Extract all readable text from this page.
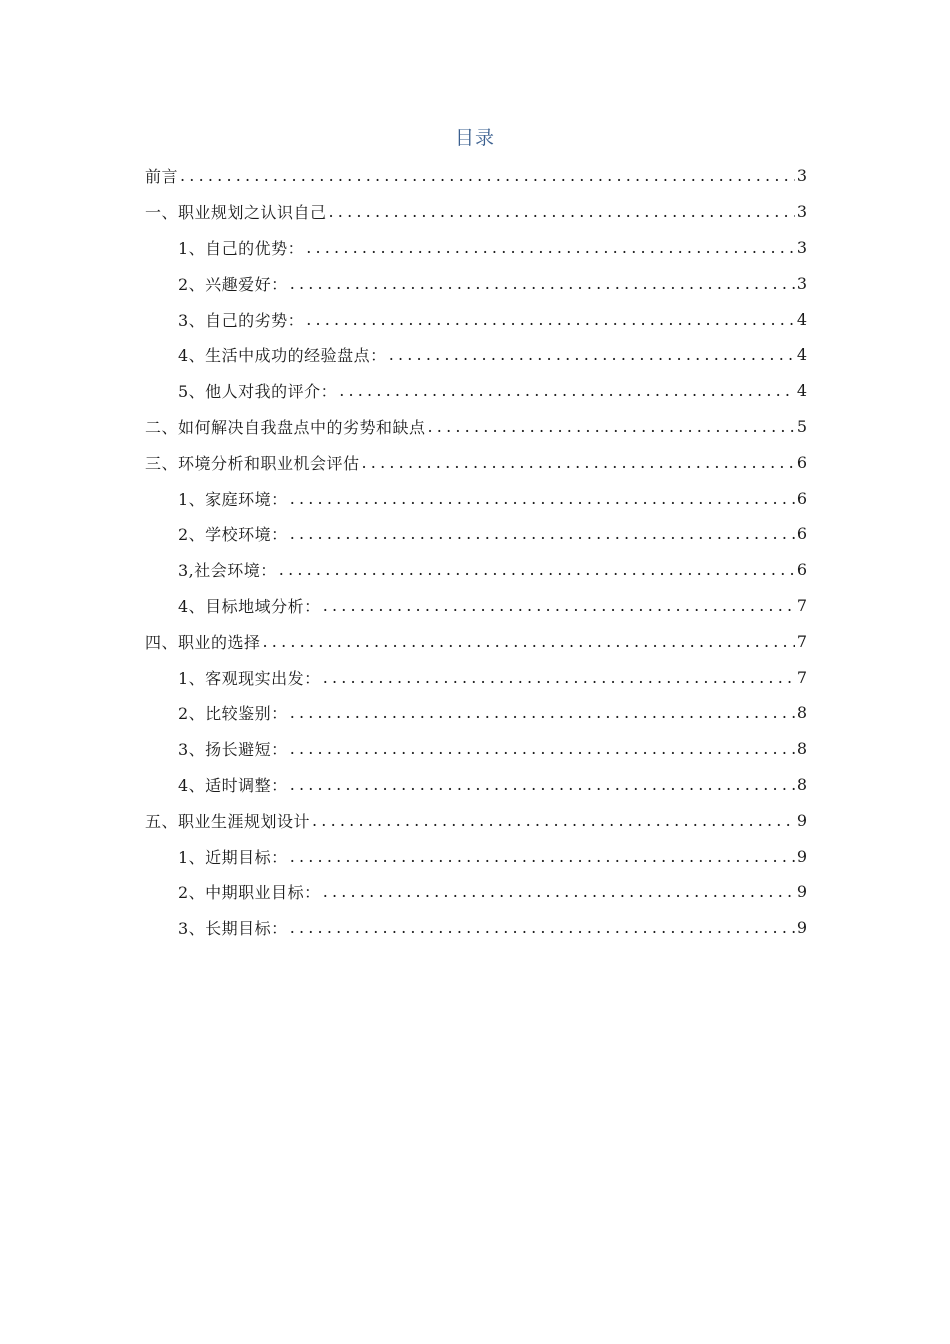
目录
前言 .....	3
一、职业规划之认识自己 .....	3
1、自己的优势： .....	3
2、兴趣爱好： .....	3
3、自己的劣势： .....	4
4、生活中成功的经验盘点： .....	4
5、他人对我的评介： .....	4
二、如何解决自我盘点中的劣势和缺点 .....	5
三、环境分析和职业机会评估 .....	6
1、家庭环境： .....	6
2、学校环境： .....	6
3,社会环境： .....	6
4、目标地域分析： .....	7
四、职业的选择 .....	7
1、客观现实出发： .....	7
2、比较鉴别： .....	8
3、扬长避短： .....	8
4、适时调整： .....	8
五、职业生涯规划设计 .....	9
1、近期目标： .....	9
2、中期职业目标： .....	9
3、长期目标： .....	9
